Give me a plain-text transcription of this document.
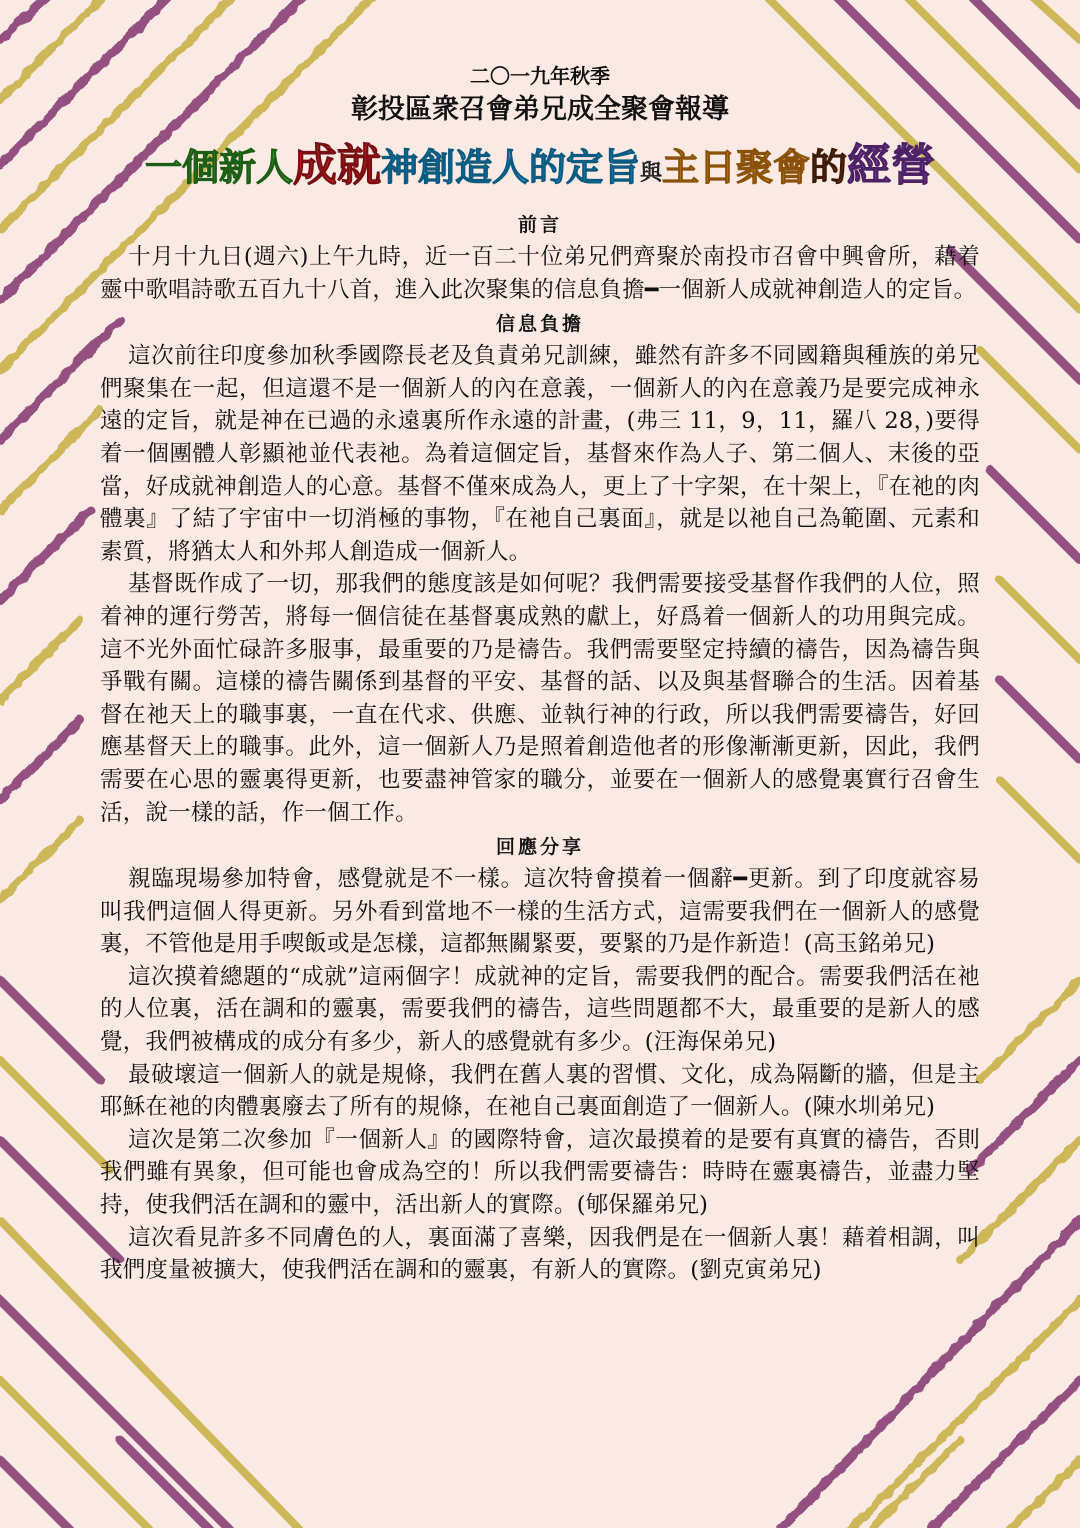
二〇一九年秋季

彰投區衆召會弟兄成全聚會報導

一個新人成就神創造人的定旨與主日聚會的經營

前言

十月十九日(週六)上午九時，近一百二十位弟兄們齊聚於南投市召會中興會所，藉着靈中歌唱詩歌五百九十八首，進入此次聚集的信息負擔━一個新人成就神創造人的定旨。

信息負擔

這次前往印度參加秋季國際長老及負責弟兄訓練，雖然有許多不同國籍與種族的弟兄們聚集在一起，但這還不是一個新人的內在意義，一個新人的內在意義乃是要完成神永遠的定旨，就是神在已過的永遠裏所作永遠的計畫，(弗三 11，9，11，羅八 28，)要得着一個團體人彰顯祂並代表祂。為着這個定旨，基督來作為人子、第二個人、末後的亞當，好成就神創造人的心意。基督不僅來成為人，更上了十字架，在十架上，『在祂的肉體裏』了結了宇宙中一切消極的事物，『在祂自己裏面』，就是以祂自己為範圍、元素和素質，將猶太人和外邦人創造成一個新人。

基督既作成了一切，那我們的態度該是如何呢？我們需要接受基督作我們的人位，照着神的運行勞苦，將每一個信徒在基督裏成熟的獻上，好爲着一個新人的功用與完成。這不光外面忙碌許多服事，最重要的乃是禱告。我們需要堅定持續的禱告，因為禱告與爭戰有關。這樣的禱告關係到基督的平安、基督的話、以及與基督聯合的生活。因着基督在祂天上的職事裏，一直在代求、供應、並執行神的行政，所以我們需要禱告，好回應基督天上的職事。此外，這一個新人乃是照着創造他者的形像漸漸更新，因此，我們需要在心思的靈裏得更新，也要盡神管家的職分，並要在一個新人的感覺裏實行召會生活，說一樣的話，作一個工作。

回應分享

親臨現場參加特會，感覺就是不一樣。這次特會摸着一個辭━更新。到了印度就容易叫我們這個人得更新。另外看到當地不一樣的生活方式，這需要我們在一個新人的感覺裏，不管他是用手喫飯或是怎樣，這都無關緊要，要緊的乃是作新造！(高玉銘弟兄)

這次摸着總題的“成就”這兩個字！成就神的定旨，需要我們的配合。需要我們活在祂的人位裏，活在調和的靈裏，需要我們的禱告，這些問題都不大，最重要的是新人的感覺，我們被構成的成分有多少，新人的感覺就有多少。(汪海保弟兄)

最破壞這一個新人的就是規條，我們在舊人裏的習慣、文化，成為隔斷的牆，但是主耶穌在祂的肉體裏廢去了所有的規條，在祂自己裏面創造了一個新人。(陳水圳弟兄)

這次是第二次參加『一個新人』的國際特會，這次最摸着的是要有真實的禱告，否則我們雖有異象，但可能也會成為空的！所以我們需要禱告：時時在靈裏禱告，並盡力堅持，使我們活在調和的靈中，活出新人的實際。(郇保羅弟兄)

這次看見許多不同膚色的人，裏面滿了喜樂，因我們是在一個新人裏！藉着相調，叫我們度量被擴大，使我們活在調和的靈裏，有新人的實際。(劉克寅弟兄)
